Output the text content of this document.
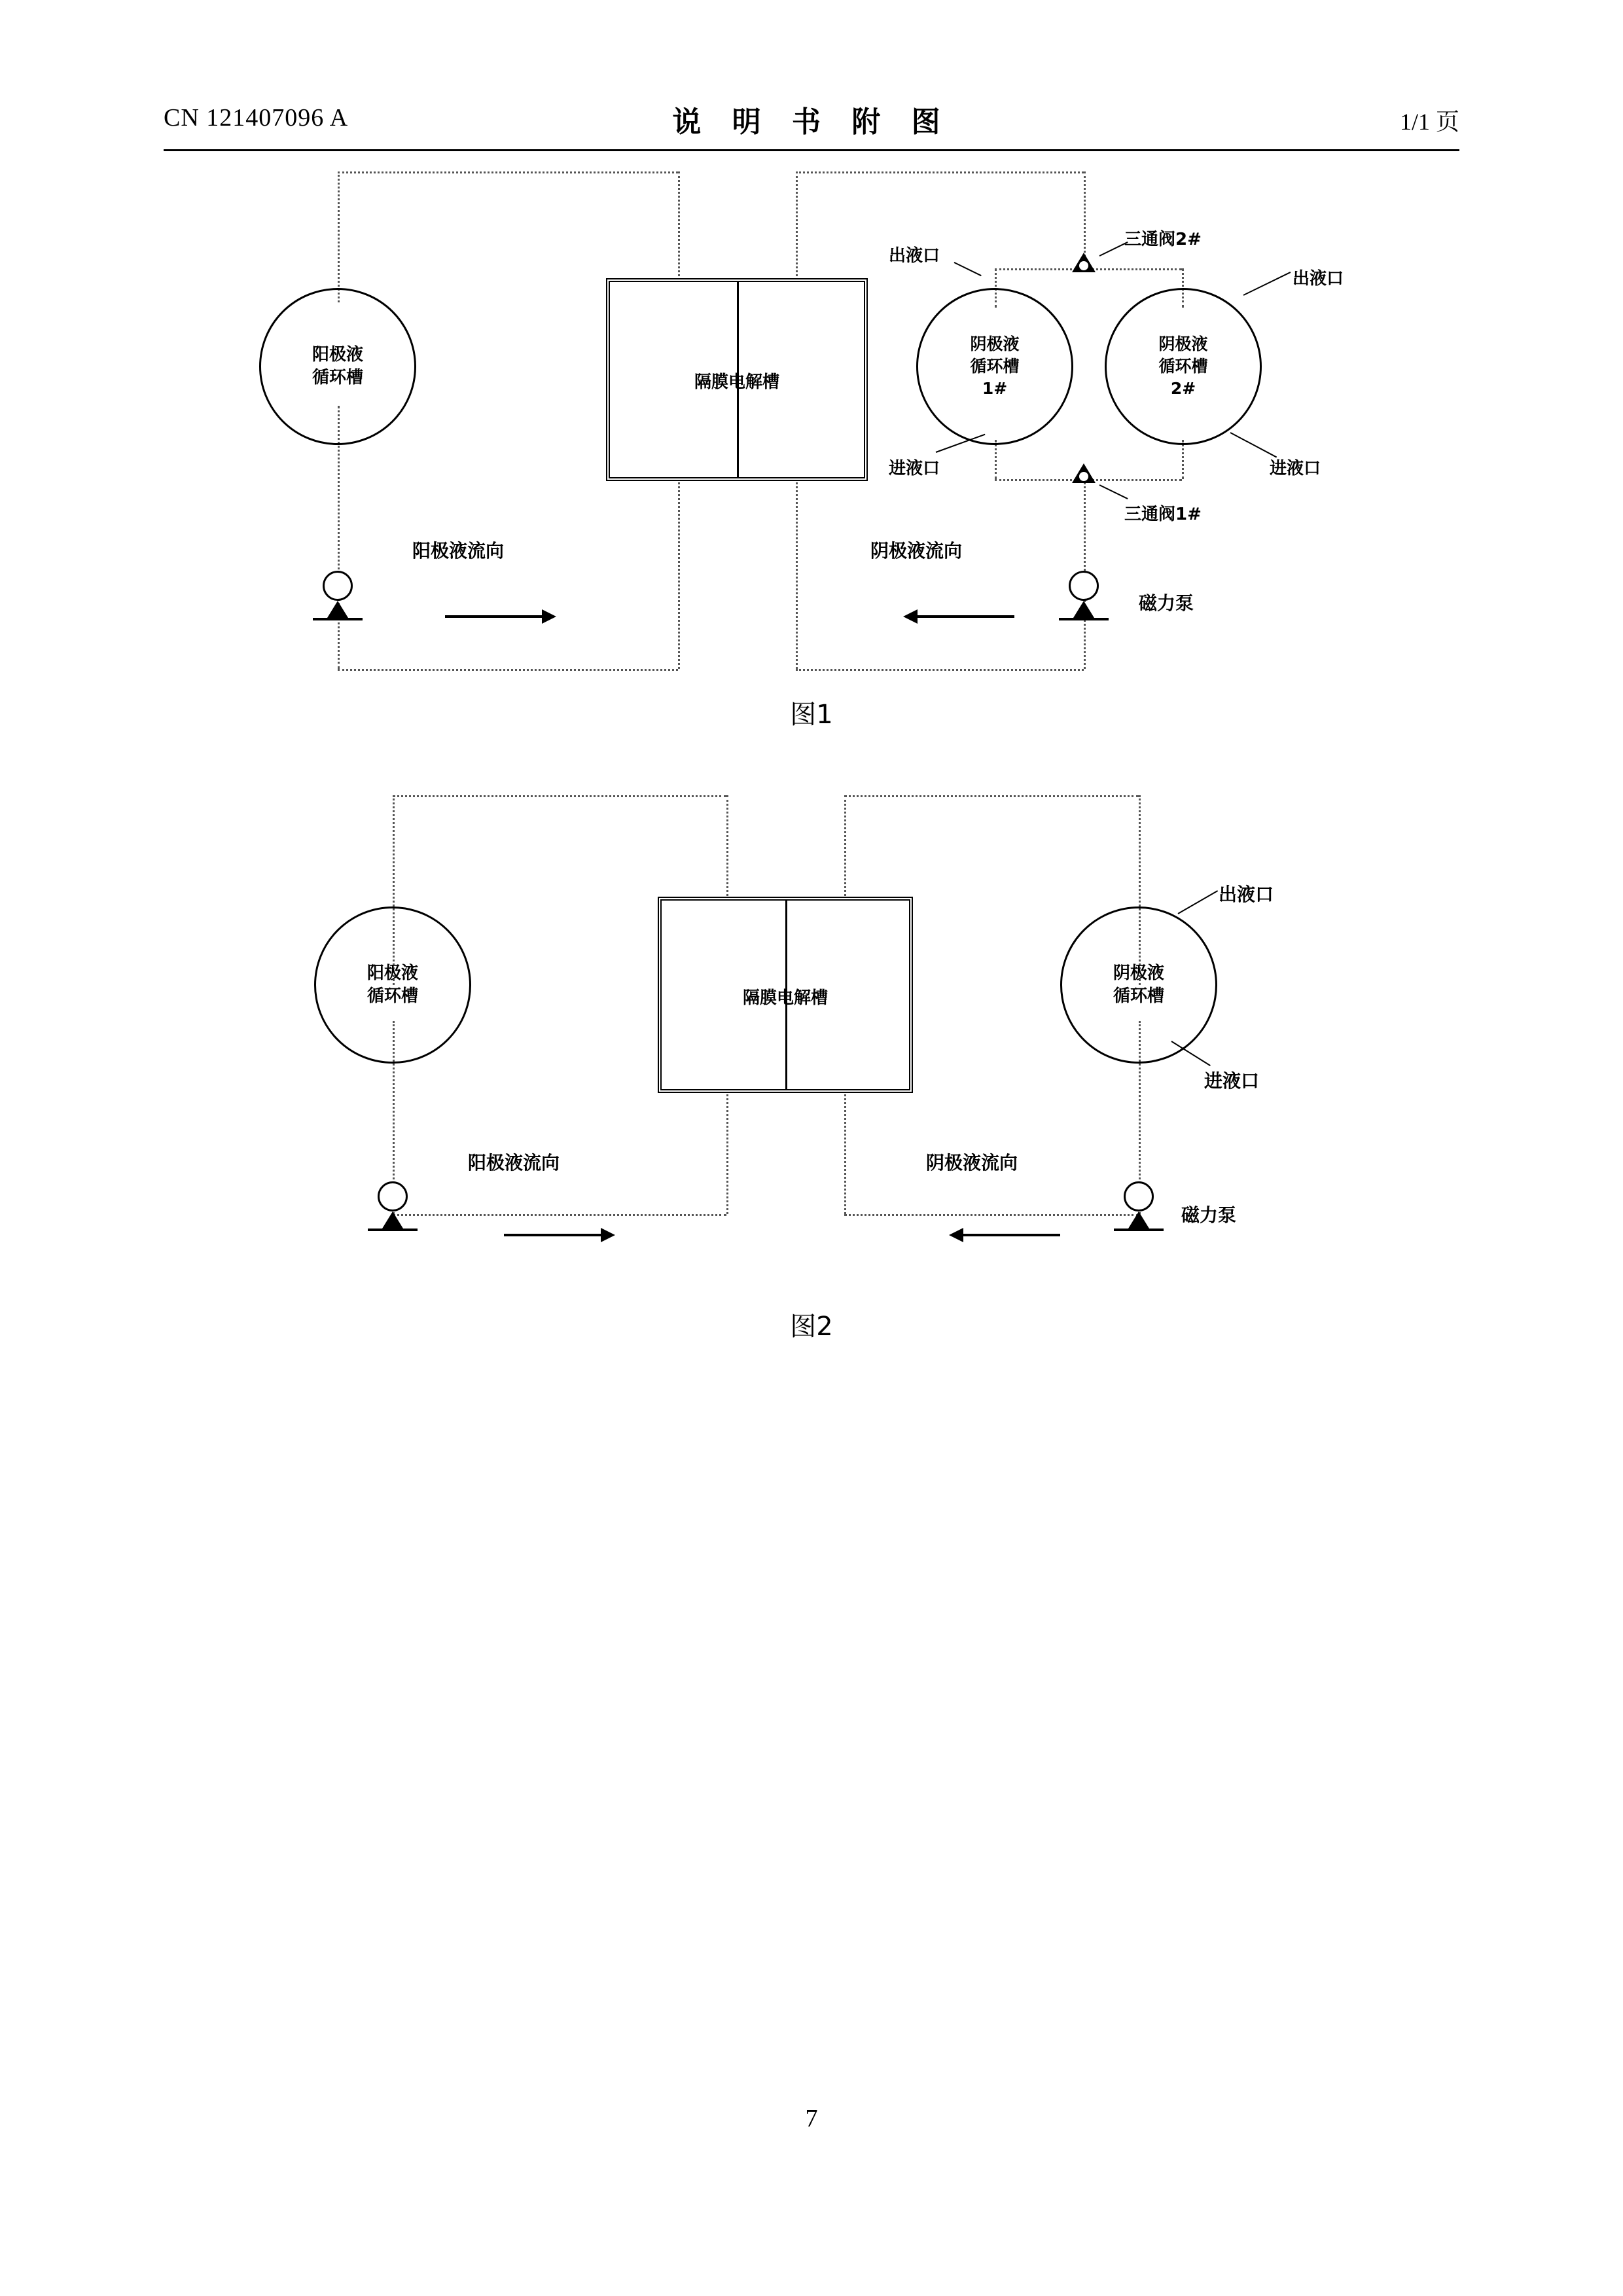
CN 121407096 A	说 明 书 附 图	1/1 页
阳极液
循环槽	隔膜电解槽
阴极液
循环槽
1#
阴极液
循环槽
2#
出液口
进液口
出液口
进液口
三通阀2#
三通阀1#
阳极液流向	阴极液流向
磁力泵
图1
阳极液
循环槽	隔膜电解槽
阴极液
循环槽
出液口
进液口
阳极液流向	阴极液流向
磁力泵
图2
7
